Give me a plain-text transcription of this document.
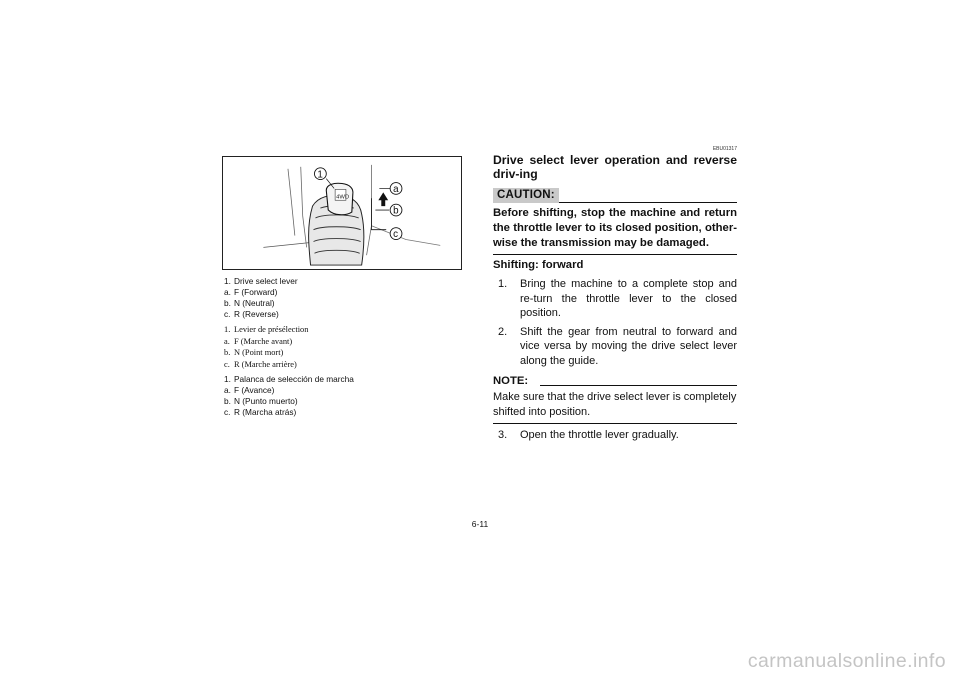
4WD
1
a
b
c
1. Drive select lever
a. F (Forward)
b. N (Neutral)
c. R (Reverse)
1. Levier de présélection
a. F (Marche avant)
b. N (Point mort)
c. R (Marche arrière)
1. Palanca de selección de marcha
a. F (Avance)
b. N (Punto muerto)
c. R (Marcha atrás)
EBU01317
Drive select lever operation and reverse driv-ing
CAUTION:
Before shifting, stop the machine and return the throttle lever to its closed position, other-wise the transmission may be damaged.
Shifting: forward
1.	Bring the machine to a complete stop and re-turn the throttle lever to the closed position.
2.	Shift the gear from neutral to forward and vice versa by moving the drive select lever along the guide.
NOTE:
Make sure that the drive select lever is completely shifted into position.
3.	Open the throttle lever gradually.
6-11
carmanualsonline.info
